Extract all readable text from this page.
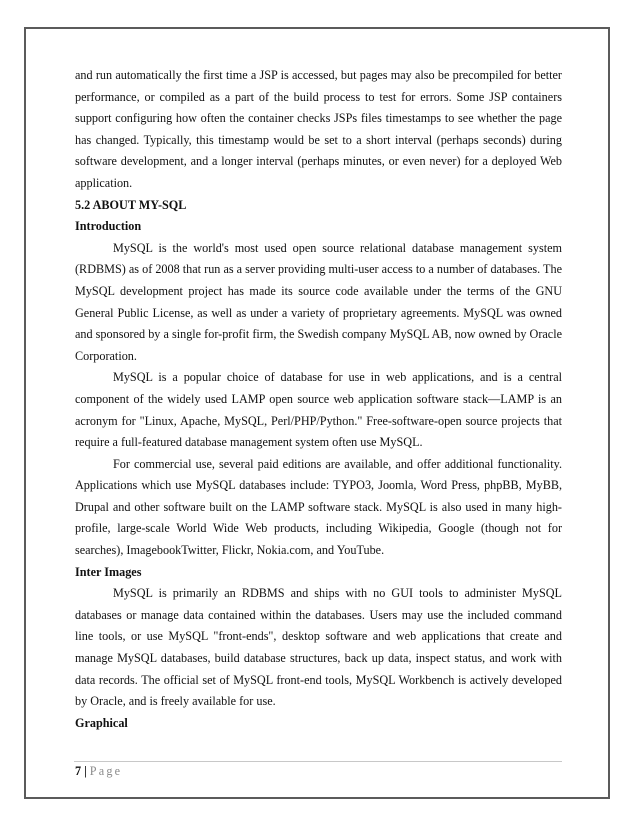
and run automatically the first time a JSP is accessed, but pages may also be precompiled for better performance, or compiled as a part of the build process to test for errors. Some JSP containers support configuring how often the container checks JSPs files timestamps to see whether the page has changed. Typically, this timestamp would be set to a short interval (perhaps seconds) during software development, and a longer interval (perhaps minutes, or even never) for a deployed Web application.

5.2 ABOUT MY-SQL
Introduction

MySQL is the world's most used open source relational database management system (RDBMS) as of 2008 that run as a server providing multi-user access to a number of databases. The MySQL development project has made its source code available under the terms of the GNU General Public License, as well as under a variety of proprietary agreements. MySQL was owned and sponsored by a single for-profit firm, the Swedish company MySQL AB, now owned by Oracle Corporation.

MySQL is a popular choice of database for use in web applications, and is a central component of the widely used LAMP open source web application software stack—LAMP is an acronym for "Linux, Apache, MySQL, Perl/PHP/Python." Free-software-open source projects that require a full-featured database management system often use MySQL.

For commercial use, several paid editions are available, and offer additional functionality. Applications which use MySQL databases include: TYPO3, Joomla, Word Press, phpBB, MyBB, Drupal and other software built on the LAMP software stack. MySQL is also used in many high-profile, large-scale World Wide Web products, including Wikipedia, Google (though not for searches), ImagebookTwitter, Flickr, Nokia.com, and YouTube.

Inter Images

MySQL is primarily an RDBMS and ships with no GUI tools to administer MySQL databases or manage data contained within the databases. Users may use the included command line tools, or use MySQL "front-ends", desktop software and web applications that create and manage MySQL databases, build database structures, back up data, inspect status, and work with data records. The official set of MySQL front-end tools, MySQL Workbench is actively developed by Oracle, and is freely available for use.

Graphical
7 | Page
